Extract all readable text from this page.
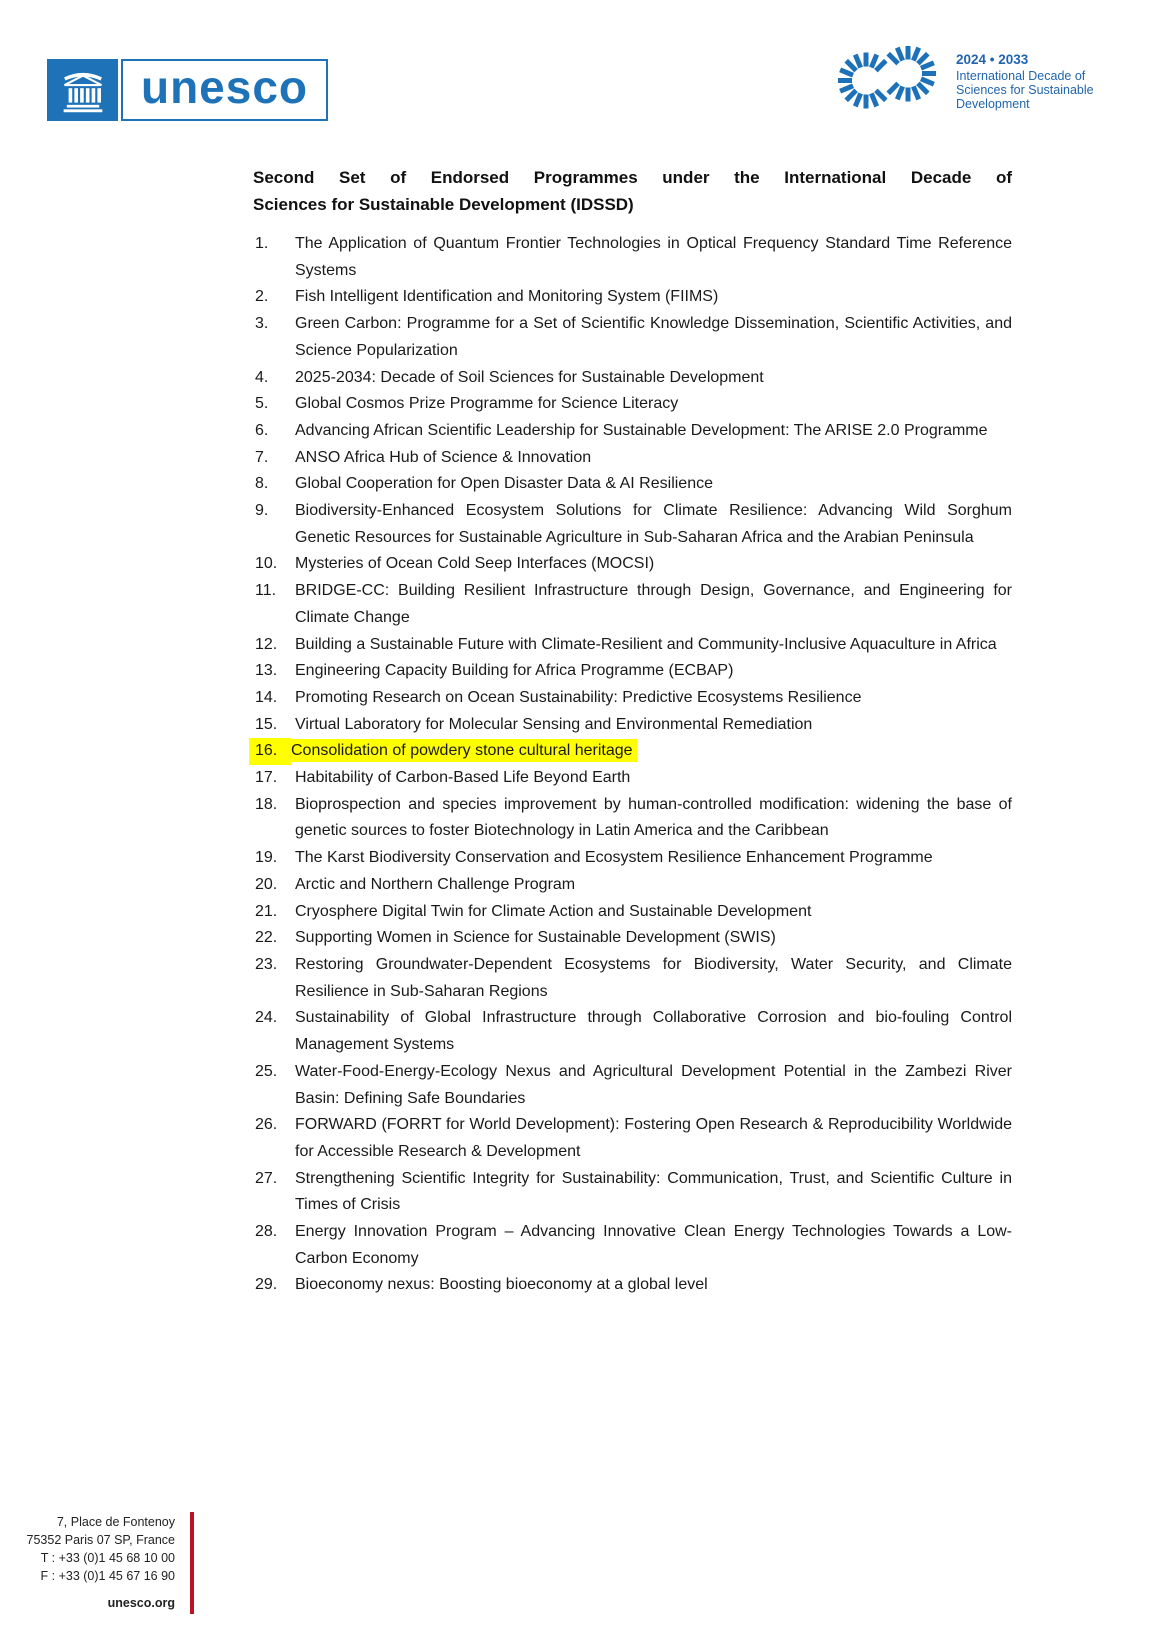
unesco
2024 • 2033
International Decade of
Sciences for Sustainable
Development
Second Set of Endorsed Programmes under the International Decade of
Sciences for Sustainable Development (IDSSD)
1.	The Application of Quantum Frontier Technologies in Optical Frequency Standard Time Reference Systems
2.	Fish Intelligent Identification and Monitoring System (FIIMS)
3.	Green Carbon: Programme for a Set of Scientific Knowledge Dissemination, Scientific Activities, and Science Popularization
4.	2025-2034: Decade of Soil Sciences for Sustainable Development
5.	Global Cosmos Prize Programme for Science Literacy
6.	Advancing African Scientific Leadership for Sustainable Development: The ARISE 2.0 Programme
7.	ANSO Africa Hub of Science & Innovation
8.	Global Cooperation for Open Disaster Data & AI Resilience
9.	Biodiversity-Enhanced Ecosystem Solutions for Climate Resilience: Advancing Wild Sorghum Genetic Resources for Sustainable Agriculture in Sub-Saharan Africa and the Arabian Peninsula
10.	Mysteries of Ocean Cold Seep Interfaces (MOCSI)
11.	BRIDGE-CC: Building Resilient Infrastructure through Design, Governance, and Engineering for Climate Change
12.	Building a Sustainable Future with Climate-Resilient and Community-Inclusive Aquaculture in Africa
13.	Engineering Capacity Building for Africa Programme (ECBAP)
14.	Promoting Research on Ocean Sustainability: Predictive Ecosystems Resilience
15.	Virtual Laboratory for Molecular Sensing and Environmental Remediation
16. Consolidation of powdery stone cultural heritage
17.	Habitability of Carbon-Based Life Beyond Earth
18.	Bioprospection and species improvement by human-controlled modification: widening the base of genetic sources to foster Biotechnology in Latin America and the Caribbean
19.	The Karst Biodiversity Conservation and Ecosystem Resilience Enhancement Programme
20.	Arctic and Northern Challenge Program
21.	Cryosphere Digital Twin for Climate Action and Sustainable Development
22.	Supporting Women in Science for Sustainable Development (SWIS)
23.	Restoring Groundwater-Dependent Ecosystems for Biodiversity, Water Security, and Climate Resilience in Sub-Saharan Regions
24.	Sustainability of Global Infrastructure through Collaborative Corrosion and bio-fouling Control Management Systems
25.	Water-Food-Energy-Ecology Nexus and Agricultural Development Potential in the Zambezi River Basin: Defining Safe Boundaries
26.	FORWARD (FORRT for World Development): Fostering Open Research & Reproducibility Worldwide for Accessible Research & Development
27.	Strengthening Scientific Integrity for Sustainability: Communication, Trust, and Scientific Culture in Times of Crisis
28.	Energy Innovation Program – Advancing Innovative Clean Energy Technologies Towards a Low-Carbon Economy
29.	Bioeconomy nexus: Boosting bioeconomy at a global level
7, Place de Fontenoy
75352 Paris 07 SP, France
T : +33 (0)1 45 68 10 00
F : +33 (0)1 45 67 16 90
unesco.org
